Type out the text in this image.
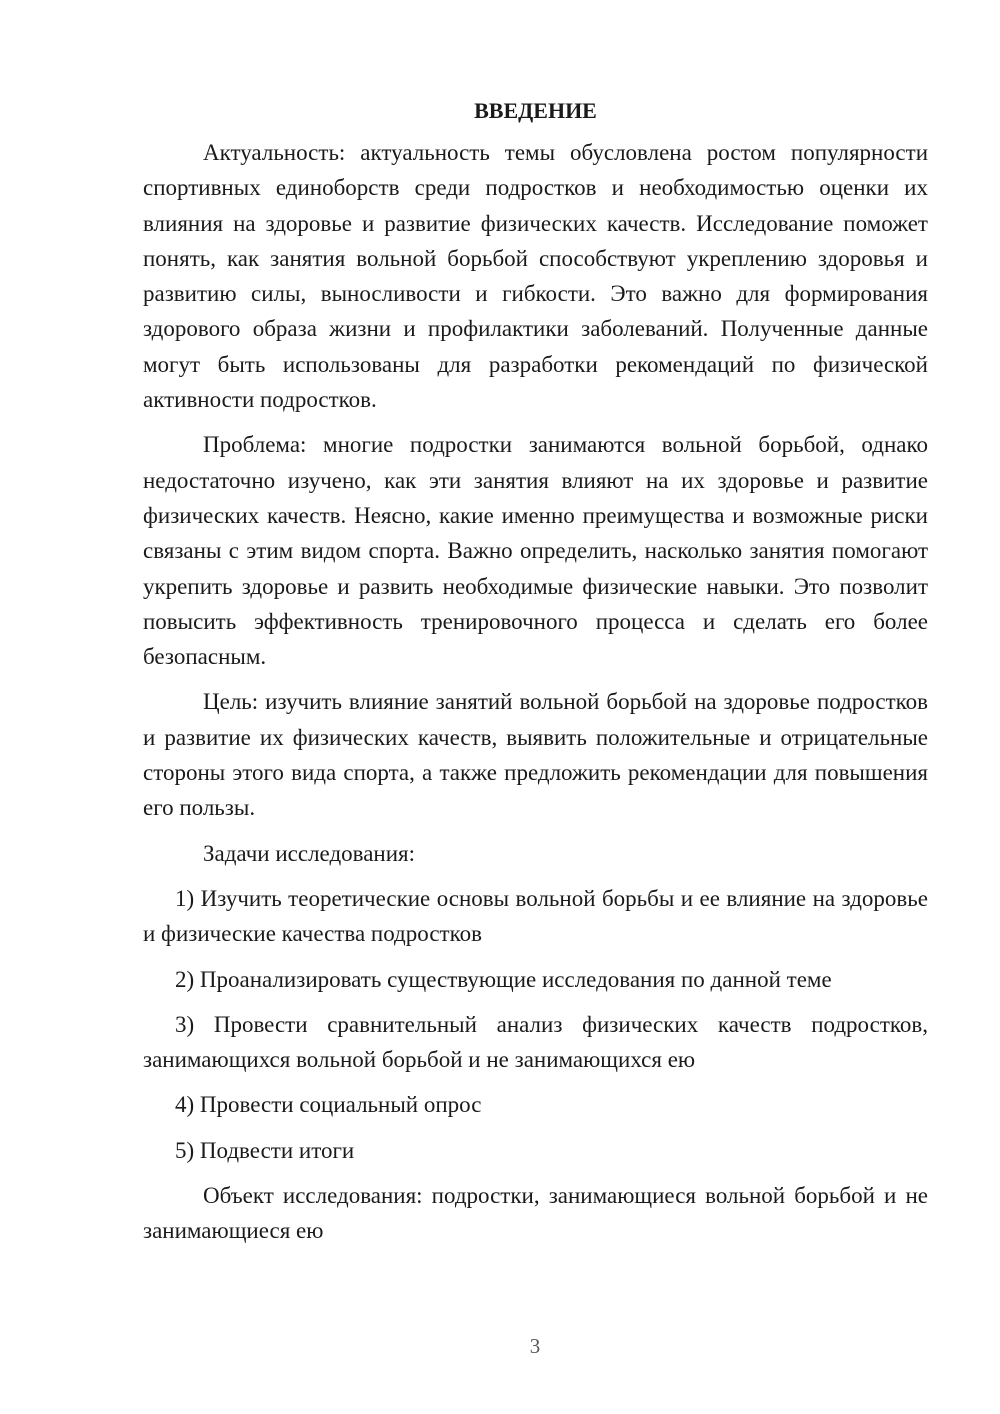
ВВЕДЕНИЕ

Актуальность: актуальность темы обусловлена ростом популярности спортивных единоборств среди подростков и необходимостью оценки их влияния на здоровье и развитие физических качеств. Исследование поможет понять, как занятия вольной борьбой способствуют укреплению здоровья и развитию силы, выносливости и гибкости. Это важно для формирования здорового образа жизни и профилактики заболеваний. Полученные данные могут быть использованы для разработки рекомендаций по физической активности подростков.

Проблема: многие подростки занимаются вольной борьбой, однако недостаточно изучено, как эти занятия влияют на их здоровье и развитие физических качеств. Неясно, какие именно преимущества и возможные риски связаны с этим видом спорта. Важно определить, насколько занятия помогают укрепить здоровье и развить необходимые физические навыки. Это позволит повысить эффективность тренировочного процесса и сделать его более безопасным.

Цель: изучить влияние занятий вольной борьбой на здоровье подростков и развитие их физических качеств, выявить положительные и отрицательные стороны этого вида спорта, а также предложить рекомендации для повышения его пользы.

Задачи исследования:

1) Изучить теоретические основы вольной борьбы и ее влияние на здоровье и физические качества подростков

2) Проанализировать существующие исследования по данной теме

3) Провести сравнительный анализ физических качеств подростков, занимающихся вольной борьбой и не занимающихся ею

4) Провести социальный опрос

5) Подвести итоги

Объект исследования: подростки, занимающиеся вольной борьбой и не занимающиеся ею

3
